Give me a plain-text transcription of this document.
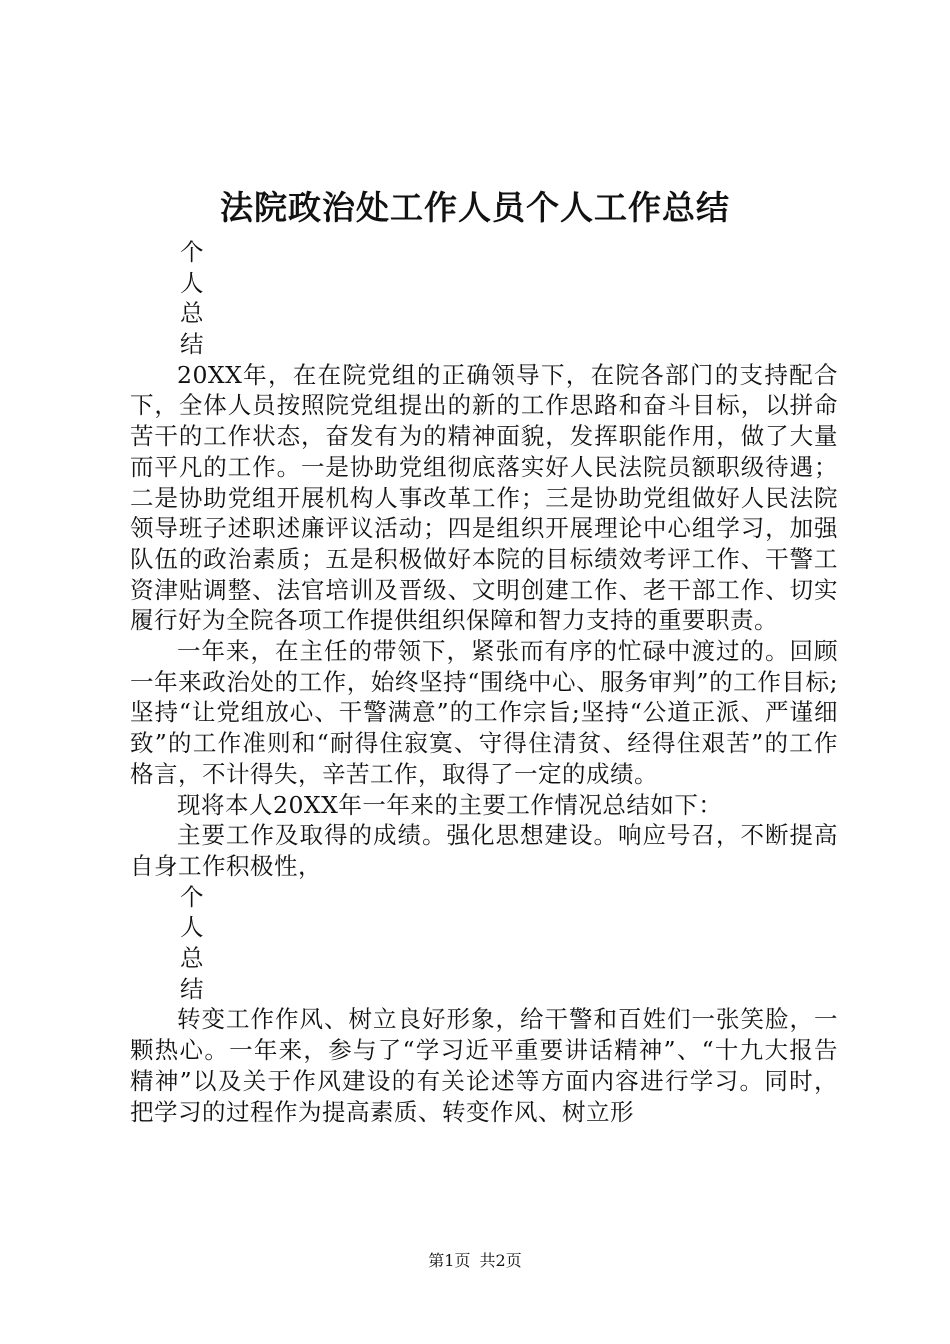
法院政治处工作人员个人工作总结
个
人
总
结

20XX年，在在院党组的正确领导下，在院各部门的支持配合下，全体人员按照院党组提出的新的工作思路和奋斗目标，以拼命苦干的工作状态，奋发有为的精神面貌，发挥职能作用，做了大量而平凡的工作。一是协助党组彻底落实好人民法院员额职级待遇；二是协助党组开展机构人事改革工作；三是协助党组做好人民法院领导班子述职述廉评议活动；四是组织开展理论中心组学习，加强队伍的政治素质；五是积极做好本院的目标绩效考评工作、干警工资津贴调整、法官培训及晋级、文明创建工作、老干部工作、切实履行好为全院各项工作提供组织保障和智力支持的重要职责。

一年来，在主任的带领下，紧张而有序的忙碌中渡过的。回顾一年来政治处的工作，始终坚持“围绕中心、服务审判”的工作目标;坚持“让党组放心、干警满意”的工作宗旨;坚持“公道正派、严谨细致”的工作准则和“耐得住寂寞、守得住清贫、经得住艰苦”的工作格言，不计得失，辛苦工作，取得了一定的成绩。

现将本人20XX年一年来的主要工作情况总结如下：

主要工作及取得的成绩。强化思想建设。响应号召，不断提高自身工作积极性，

个
人
总
结

转变工作作风、树立良好形象，给干警和百姓们一张笑脸，一颗热心。一年来，参与了“学习近平重要讲话精神”、“十九大报告精神”以及关于作风建设的有关论述等方面内容进行学习。同时，把学习的过程作为提高素质、转变作风、树立形

第1页 共2页
